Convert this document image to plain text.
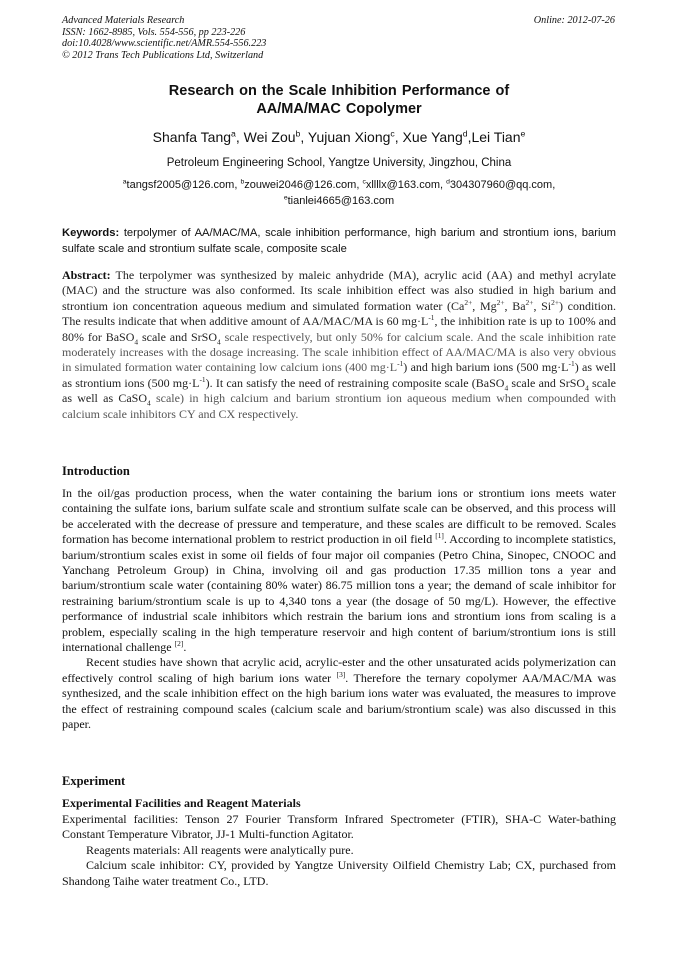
Advanced Materials Research
ISSN: 1662-8985, Vols. 554-556, pp 223-226
doi:10.4028/www.scientific.net/AMR.554-556.223
© 2012 Trans Tech Publications Ltd, Switzerland
Online: 2012-07-26
Research on the Scale Inhibition Performance of
AA/MA/MAC Copolymer
Shanfa Tang$^a$, Wei Zou$^b$, Yujuan Xiong$^c$, Xue Yang$^d$,Lei Tian$^e$
Petroleum Engineering School, Yangtze University, Jingzhou, China
$^a$tangsf2005@126.com, $^b$zouwei2046@126.com, $^c$xllllx@163.com, $^d$304307960@qq.com,
$^e$tianlei4665@163.com
Keywords: terpolymer of AA/MAC/MA, scale inhibition performance, high barium and strontium ions, barium sulfate scale and strontium sulfate scale, composite scale
Abstract: The terpolymer was synthesized by maleic anhydride (MA), acrylic acid (AA) and methyl acrylate (MAC) and the structure was also conformed. Its scale inhibition effect was also studied in high barium and strontium ion concentration aqueous medium and simulated formation water ($Ca^{2+}$, $Mg^{2+}$, $Ba^{2+}$, $Si^{2+}$) condition. The results indicate that when additive amount of AA/MAC/MA is 60 $mg\cdot L^{-1}$, the inhibition rate is up to 100% and 80% for BaSO$_4$ scale and SrSO$_4$ scale respectively, but only 50% for calcium scale. And the scale inhibition rate moderately increases with the dosage increasing. The scale inhibition effect of AA/MAC/MA is also very obvious in simulated formation water containing low calcium ions (400 $mg\cdot L^{-1}$) and high barium ions (500 $mg\cdot L^{-1}$) as well as strontium ions (500 $mg\cdot L^{-1}$). It can satisfy the need of restraining composite scale (BaSO$_4$ scale and SrSO$_4$ scale as well as CaSO$_4$ scale) in high calcium and barium strontium ion aqueous medium when compounded with calcium scale inhibitors CY and CX respectively.
Introduction

In the oil/gas production process, when the water containing the barium ions or strontium ions meets water containing the sulfate ions, barium sulfate scale and strontium sulfate scale can be observed, and this process will be accelerated with the decrease of pressure and temperature, and these scales are difficult to be removed. Scales formation has become international problem to restrict production in oil field [1]. According to incomplete statistics, barium/strontium scales exist in some oil fields of four major oil companies (Petro China, Sinopec, CNOOC and Yanchang Petroleum Group) in China, involving oil and gas production 17.35 million tons a year and barium/strontium scale water (containing 80% water) 86.75 million tons a year; the demand of scale inhibitor for restraining barium/strontium scale is up to 4,340 tons a year (the dosage of 50 mg/L). However, the effective performance of industrial scale inhibitors which restrain the barium ions and strontium ions from scaling is a problem, especially scaling in the high temperature reservoir and high content of barium/strontium ions is still international challenge [2].

Recent studies have shown that acrylic acid, acrylic-ester and the other unsaturated acids polymerization can effectively control scaling of high barium ions water [3]. Therefore the ternary copolymer AA/MAC/MA was synthesized, and the scale inhibition effect on the high barium ions water was evaluated, the measures to improve the effect of restraining compound scales (calcium scale and barium/strontium scale) was also discussed in this paper.

Experiment
Experimental Facilities and Reagent Materials

Experimental facilities: Tenson 27 Fourier Transform Infrared Spectrometer (FTIR), SHA-C Water-bathing Constant Temperature Vibrator, JJ-1 Multi-function Agitator.

Reagents materials: All reagents were analytically pure.

Calcium scale inhibitor: CY, provided by Yangtze University Oilfield Chemistry Lab; CX, purchased from Shandong Taihe water treatment Co., LTD.
